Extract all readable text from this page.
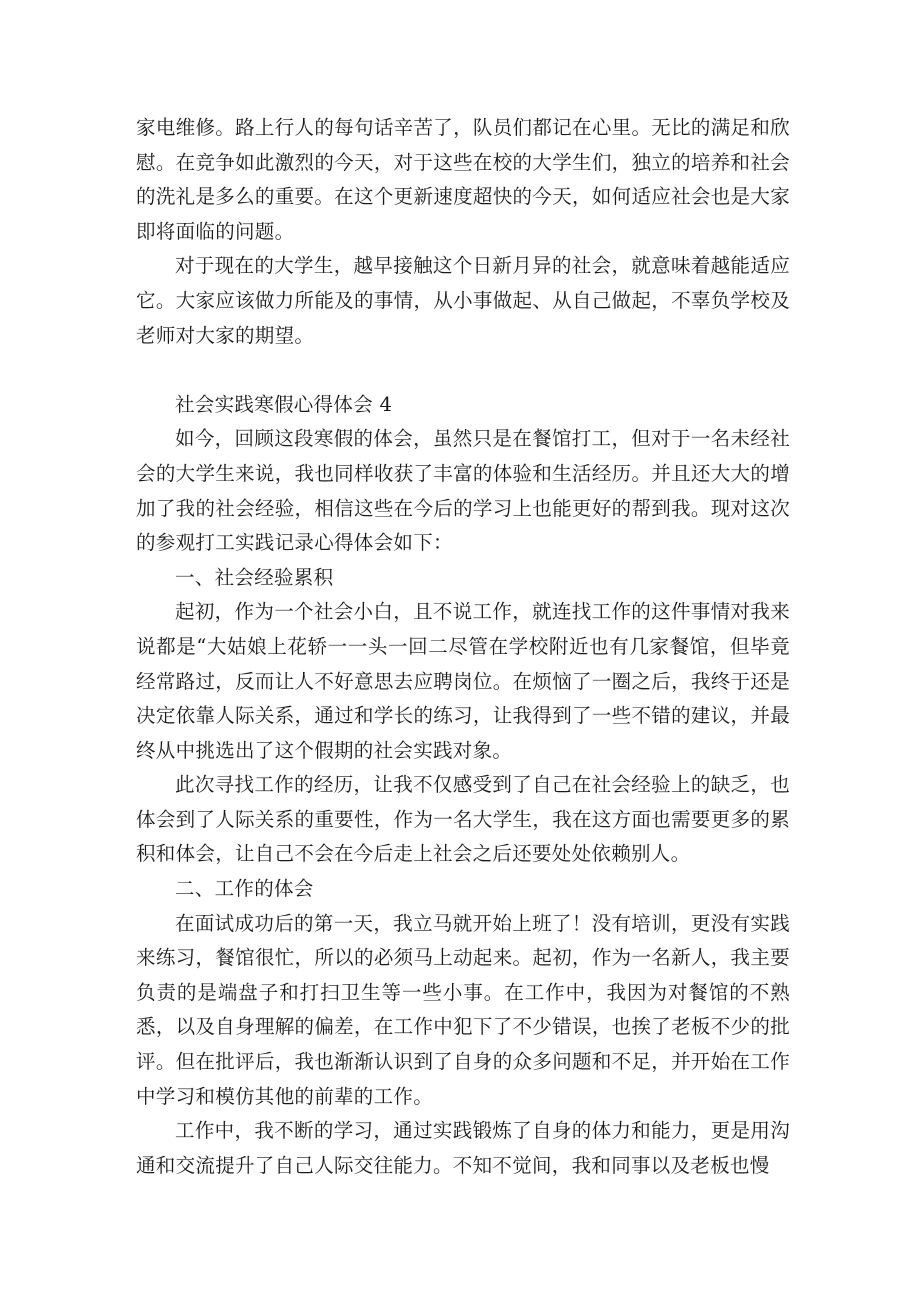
家电维修。路上行人的每句话辛苦了，队员们都记在心里。无比的满足和欣慰。在竞争如此激烈的今天，对于这些在校的大学生们，独立的培养和社会的洗礼是多么的重要。在这个更新速度超快的今天，如何适应社会也是大家即将面临的问题。

对于现在的大学生，越早接触这个日新月异的社会，就意味着越能适应它。大家应该做力所能及的事情，从小事做起、从自己做起，不辜负学校及老师对大家的期望。

社会实践寒假心得体会 4

如今，回顾这段寒假的体会，虽然只是在餐馆打工，但对于一名未经社会的大学生来说，我也同样收获了丰富的体验和生活经历。并且还大大的增加了我的社会经验，相信这些在今后的学习上也能更好的帮到我。现对这次的参观打工实践记录心得体会如下：

一、社会经验累积

起初，作为一个社会小白，且不说工作，就连找工作的这件事情对我来说都是“大姑娘上花轿一一头一回二尽管在学校附近也有几家餐馆，但毕竟经常路过，反而让人不好意思去应聘岗位。在烦恼了一圈之后，我终于还是决定依靠人际关系，通过和学长的练习，让我得到了一些不错的建议，并最终从中挑选出了这个假期的社会实践对象。

此次寻找工作的经历，让我不仅感受到了自己在社会经验上的缺乏，也体会到了人际关系的重要性，作为一名大学生，我在这方面也需要更多的累积和体会，让自己不会在今后走上社会之后还要处处依赖别人。

二、工作的体会

在面试成功后的第一天，我立马就开始上班了！没有培训，更没有实践来练习，餐馆很忙，所以的必须马上动起来。起初，作为一名新人，我主要负责的是端盘子和打扫卫生等一些小事。在工作中，我因为对餐馆的不熟悉，以及自身理解的偏差，在工作中犯下了不少错误，也挨了老板不少的批评。但在批评后，我也渐渐认识到了自身的众多问题和不足，并开始在工作中学习和模仿其他的前辈的工作。

工作中，我不断的学习，通过实践锻炼了自身的体力和能力，更是用沟通和交流提升了自己人际交往能力。不知不觉间，我和同事以及老板也慢
